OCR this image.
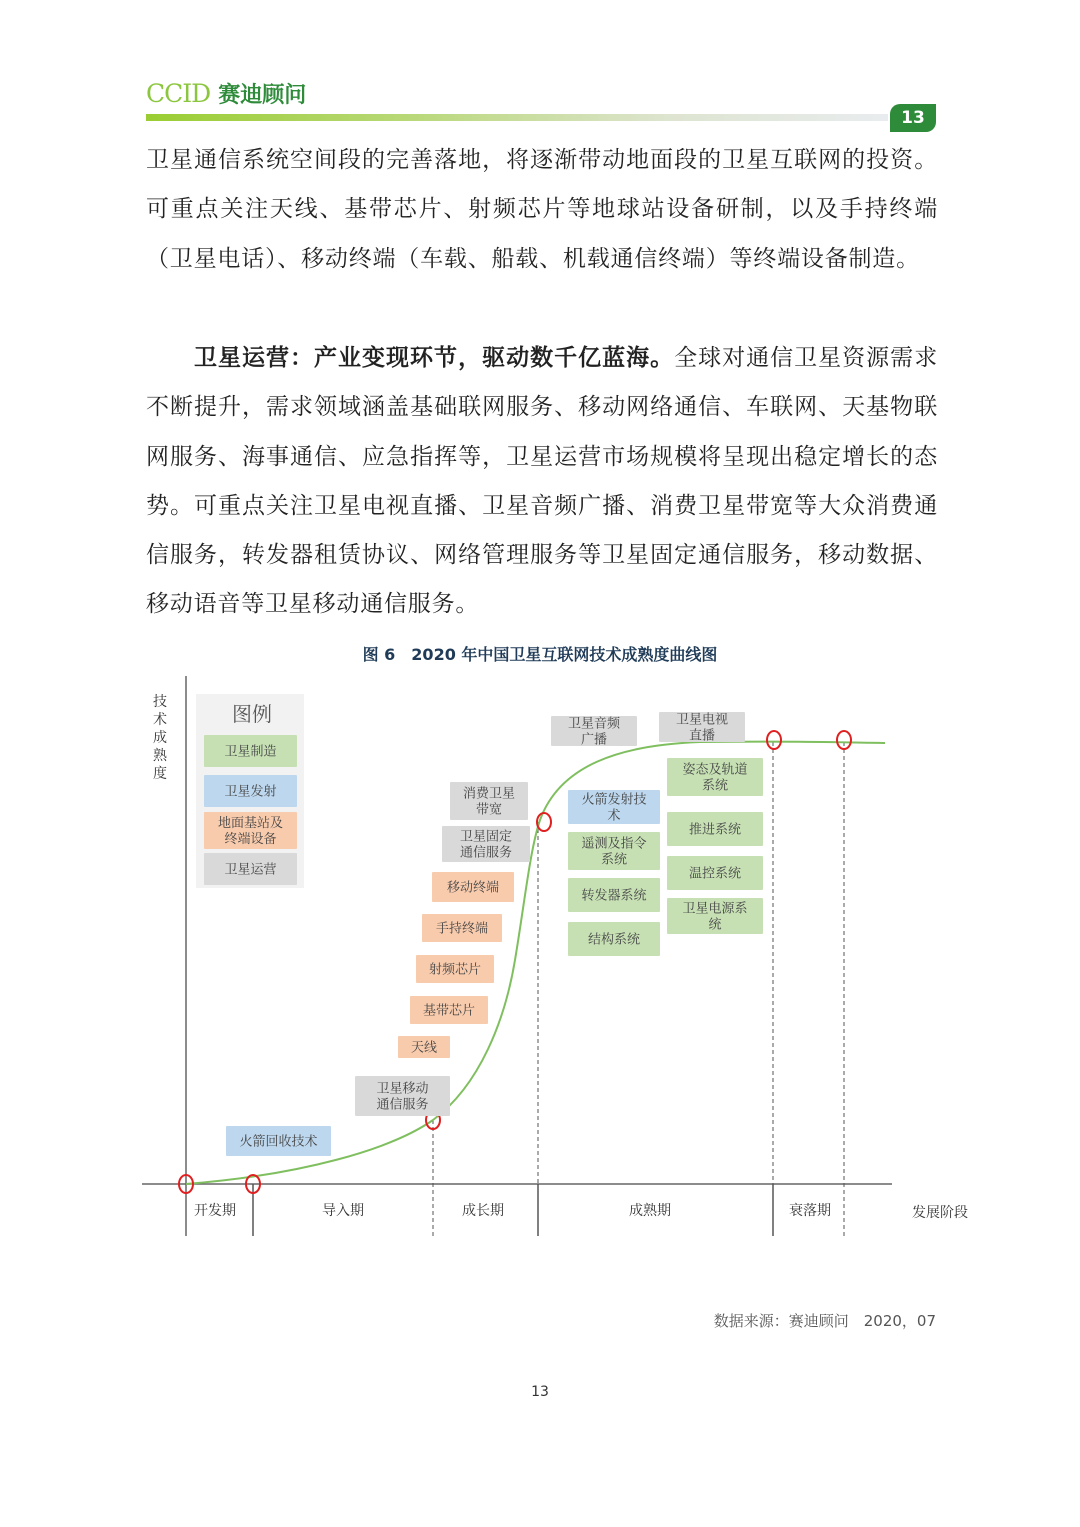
CCID 赛迪顾问
13

卫星通信系统空间段的完善落地，将逐渐带动地面段的卫星互联网的投资。可重点关注天线、基带芯片、射频芯片等地球站设备研制，以及手持终端（卫星电话）、移动终端（车载、船载、机载通信终端）等终端设备制造。

卫星运营：产业变现环节，驱动数千亿蓝海。全球对通信卫星资源需求不断提升，需求领域涵盖基础联网服务、移动网络通信、车联网、天基物联网服务、海事通信、应急指挥等，卫星运营市场规模将呈现出稳定增长的态势。可重点关注卫星电视直播、卫星音频广播、消费卫星带宽等大众消费通信服务，转发器租赁协议、网络管理服务等卫星固定通信服务，移动数据、移动语音等卫星移动通信服务。

图 6　2020 年中国卫星互联网技术成熟度曲线图
技
术
成
熟
度
发展阶段
开发期	导入期	成长期	成熟期	衰落期
图例
卫星制造
卫星发射
地面基站及
终端设备
卫星运营
火箭回收技术
卫星移动
通信服务
天线
基带芯片
射频芯片
手持终端
移动终端
卫星固定
通信服务
消费卫星
带宽
火箭发射技
术
遥测及指令
系统
转发器系统
结构系统
卫星音频
广播
卫星电视
直播
姿态及轨道
系统
推进系统
温控系统
卫星电源系
统
数据来源：赛迪顾问　2020，07
13
